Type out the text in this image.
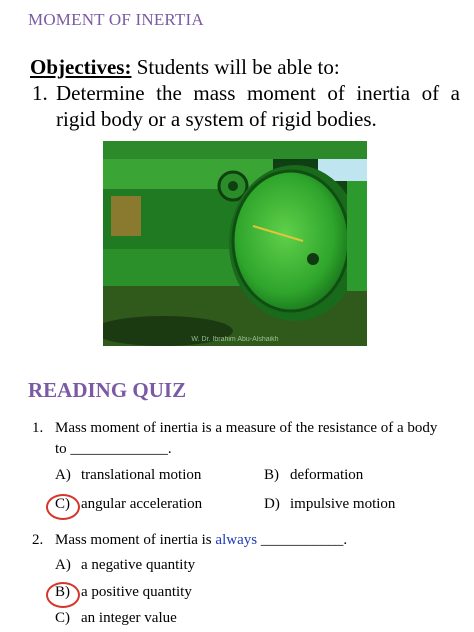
MOMENT OF INERTIA
Objectives: Students will be able to:
1. Determine the mass moment of inertia of a rigid body or a system of rigid bodies.
W. Dr. Ibrahim Abu-Alshaikh
READING QUIZ
1. Mass moment of inertia is a measure of the resistance of a body to _____________.
A) translational motion	B) deformation
C) angular acceleration	D) impulsive motion
2. Mass moment of inertia is always ___________.
A) a negative quantity
B) a positive quantity
C) an integer value
